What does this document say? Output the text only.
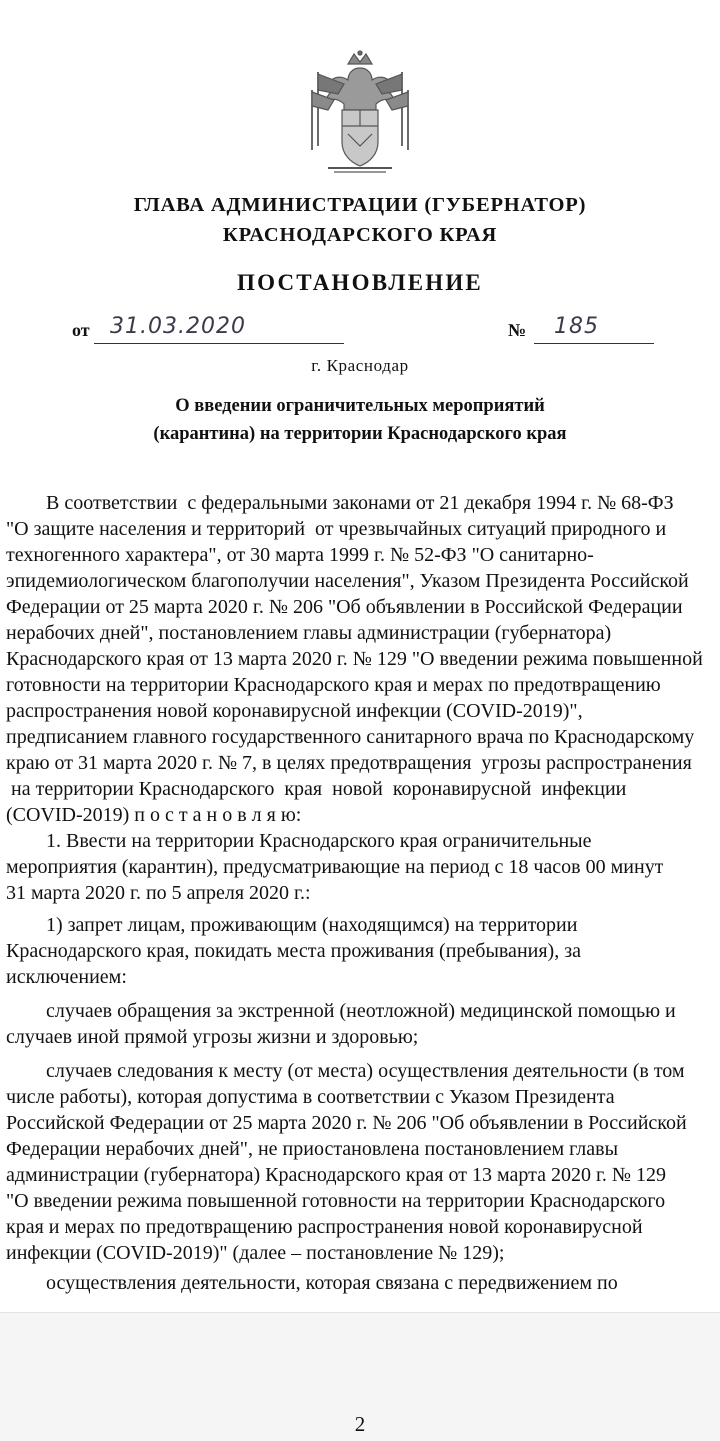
ГЛАВА АДМИНИСТРАЦИИ (ГУБЕРНАТОР)
КРАСНОДАРСКОГО КРАЯ
ПОСТАНОВЛЕНИЕ
от 31.03.2020	№ 185
г. Краснодар
О введении ограничительных мероприятий
(карантина) на территории Краснодарского края
В соответствии  с федеральными законами от 21 декабря 1994 г. № 68-ФЗ
"О защите населения и территорий  от чрезвычайных ситуаций природного и
техногенного характера", от 30 марта 1999 г. № 52-ФЗ "О санитарно-
эпидемиологическом благополучии населения", Указом Президента Российской
Федерации от 25 марта 2020 г. № 206 "Об объявлении в Российской Федерации
нерабочих дней", постановлением главы администрации (губернатора)
Краснодарского края от 13 марта 2020 г. № 129 "О введении режима повышенной
готовности на территории Краснодарского края и мерах по предотвращению
распространения новой коронавирусной инфекции (COVID-2019)",
предписанием главного государственного санитарного врача по Краснодарскому
краю от 31 марта 2020 г. № 7, в целях предотвращения  угрозы распространения
на территории Краснодарского  края  новой  коронавирусной  инфекции
(COVID-2019) п о с т а н о в л я ю:
1. Ввести на территории Краснодарского края ограничительные
мероприятия (карантин), предусматривающие на период с 18 часов 00 минут
31 марта 2020 г. по 5 апреля 2020 г.:
1) запрет лицам, проживающим (находящимся) на территории
Краснодарского края, покидать места проживания (пребывания), за
исключением:
случаев обращения за экстренной (неотложной) медицинской помощью и
случаев иной прямой угрозы жизни и здоровью;
случаев следования к месту (от места) осуществления деятельности (в том
числе работы), которая допустима в соответствии с Указом Президента
Российской Федерации от 25 марта 2020 г. № 206 "Об объявлении в Российской
Федерации нерабочих дней", не приостановлена постановлением главы
администрации (губернатора) Краснодарского края от 13 марта 2020 г. № 129
"О введении режима повышенной готовности на территории Краснодарского
края и мерах по предотвращению распространения новой коронавирусной
инфекции (COVID-2019)" (далее – постановление № 129);
осуществления деятельности, которая связана с передвижением по
2
